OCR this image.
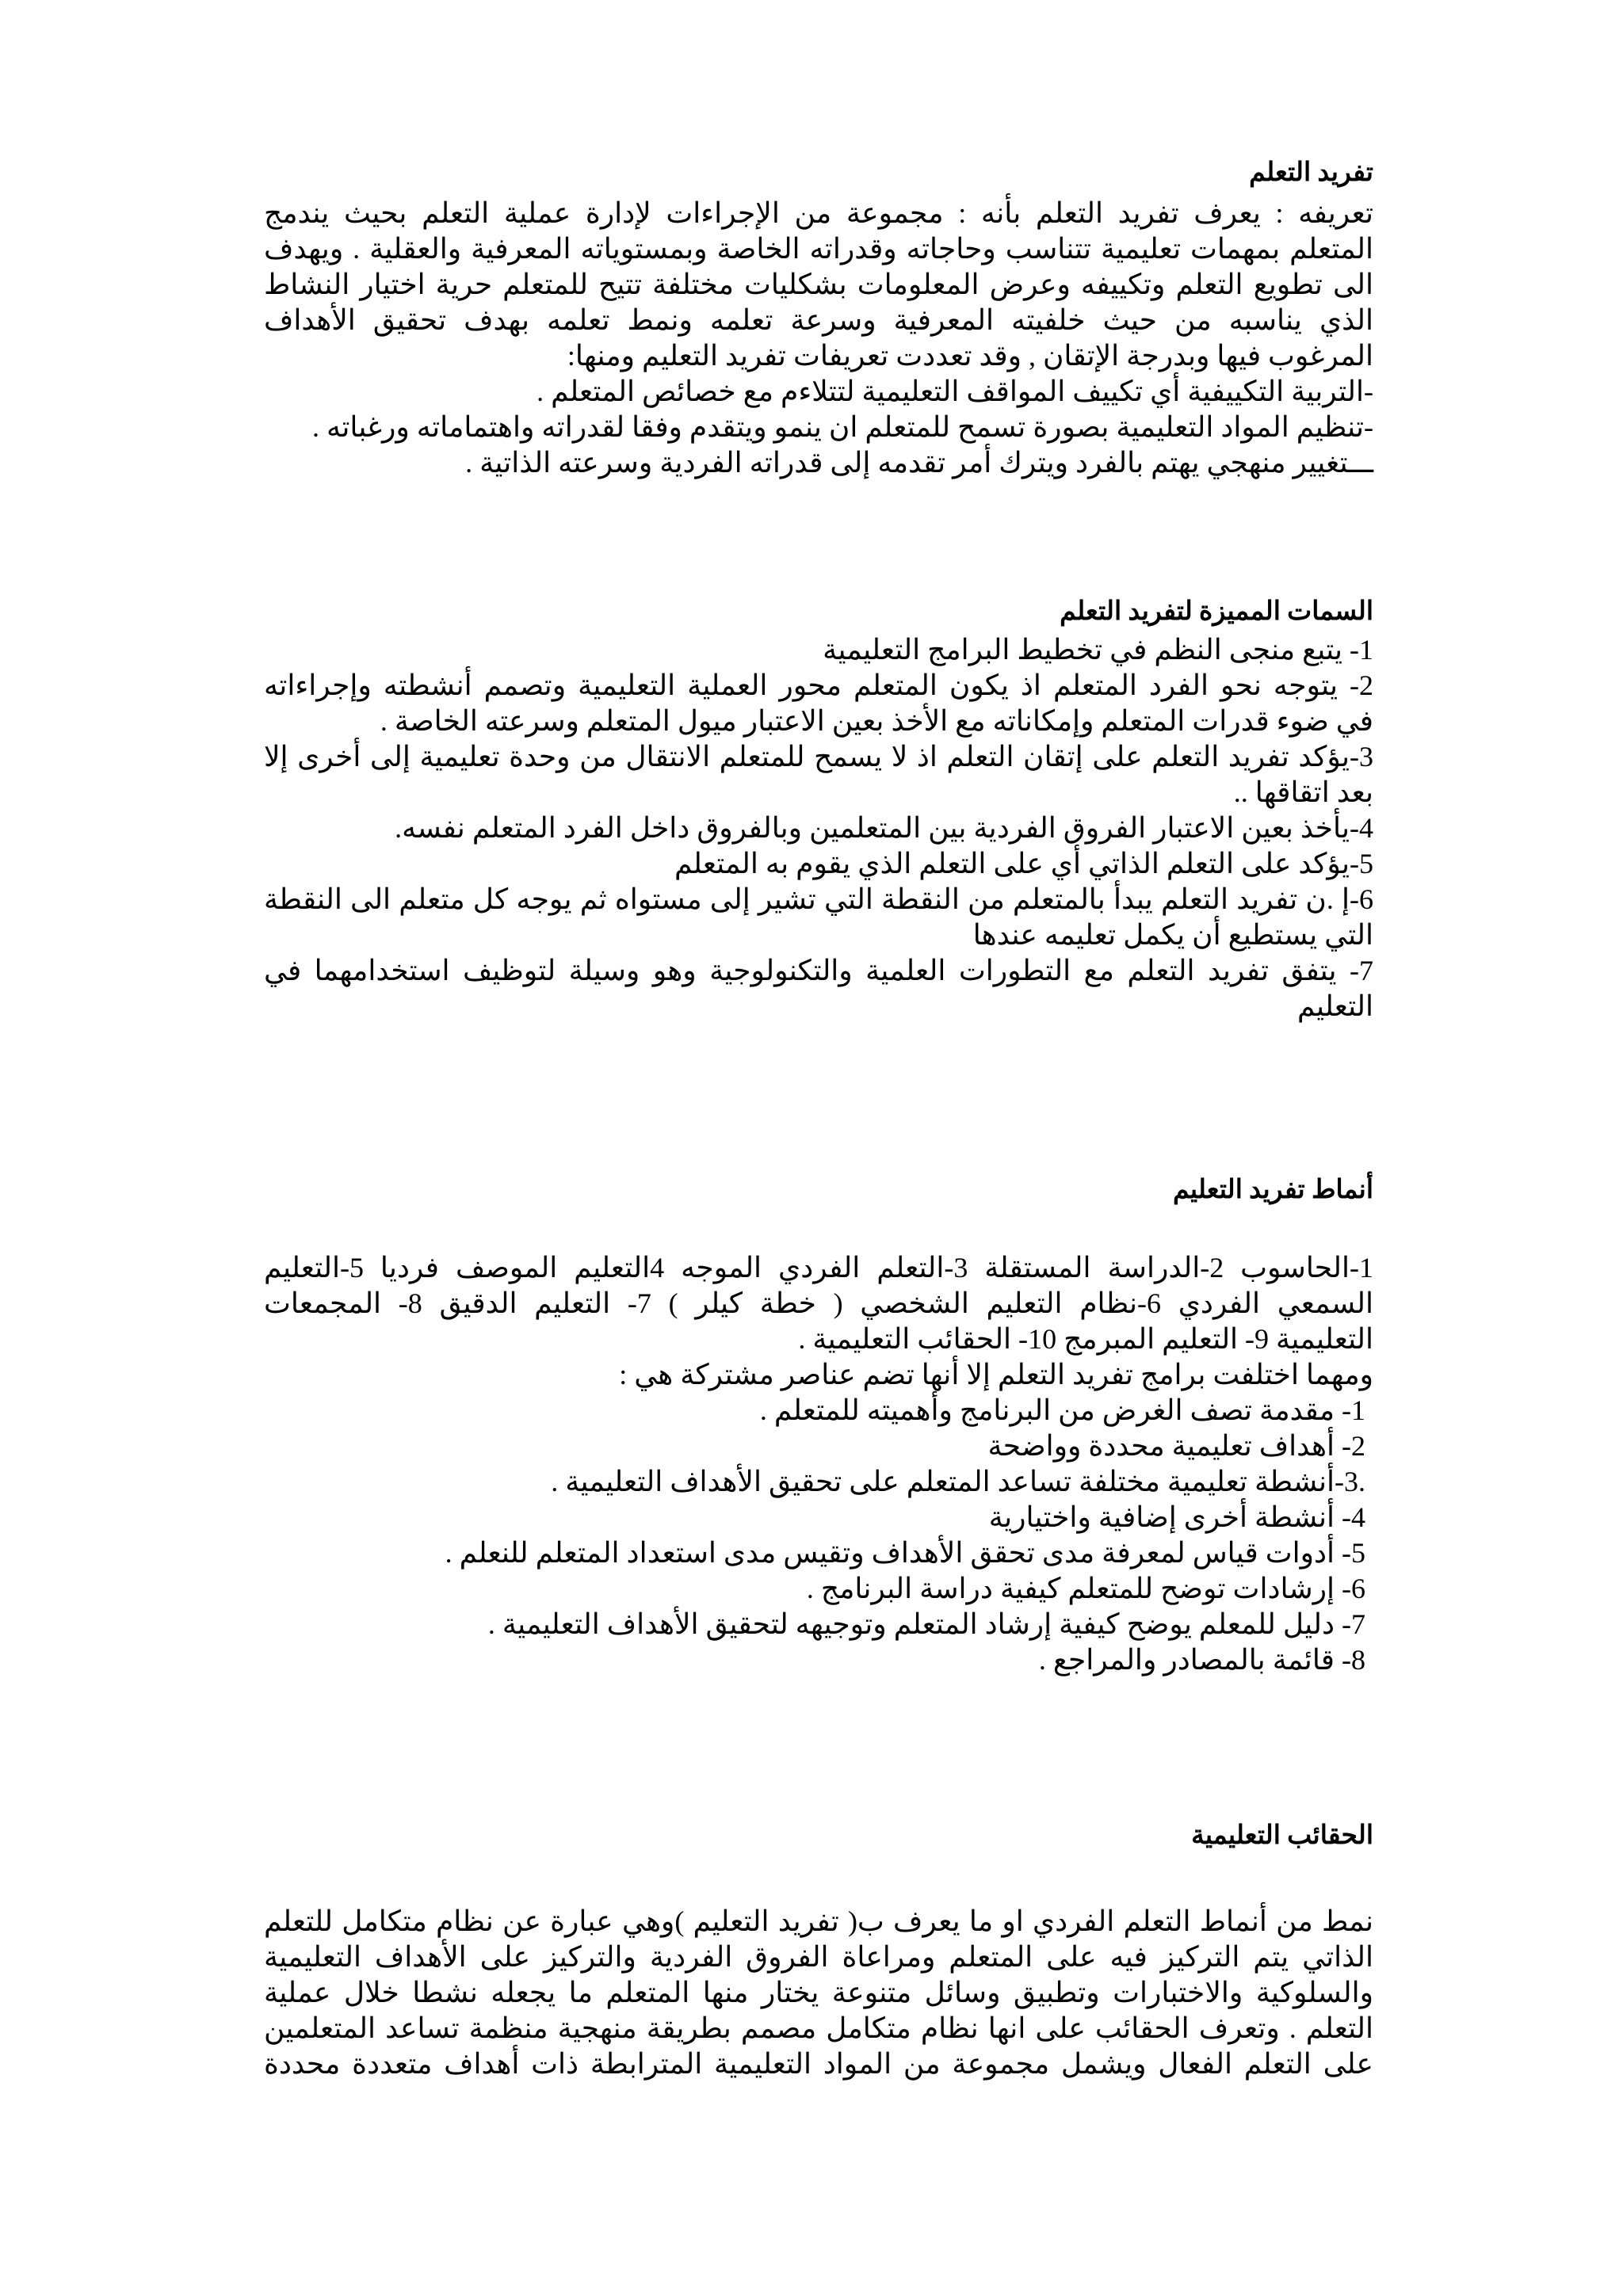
تفريد التعلم
تعريفه : يعرف تفريد التعلم بأنه : مجموعة من الإجراءات لإدارة عملية التعلم بحيث يندمج
المتعلم بمهمات تعليمية تتناسب وحاجاته وقدراته الخاصة وبمستوياته المعرفية والعقلية . ويهدف
الى تطويع التعلم وتكييفه وعرض المعلومات بشكليات مختلفة تتيح للمتعلم حرية اختيار النشاط
الذي يناسبه من حيث خلفيته المعرفية وسرعة تعلمه ونمط تعلمه بهدف تحقيق الأهداف
المرغوب فيها وبدرجة الإتقان , وقد تعددت تعريفات تفريد التعليم ومنها:
-التربية التكييفية أي تكييف المواقف التعليمية لتتلاءم مع خصائص المتعلم .
-تنظيم المواد التعليمية بصورة تسمح للمتعلم ان ينمو ويتقدم وفقا لقدراته واهتماماته ورغباته .
ـــتغيير منهجي يهتم بالفرد ويترك أمر تقدمه إلى قدراته الفردية وسرعته الذاتية .
السمات المميزة لتفريد التعلم
1- يتبع منجى النظم في تخطيط البرامج التعليمية
2- يتوجه نحو الفرد المتعلم اذ يكون المتعلم محور العملية التعليمية وتصمم أنشطته وإجراءاته
في ضوء قدرات المتعلم وإمكاناته مع الأخذ بعين الاعتبار ميول المتعلم وسرعته الخاصة .
3-يؤكد تفريد التعلم على إتقان التعلم اذ لا يسمح للمتعلم الانتقال من وحدة تعليمية إلى أخرى إلا
بعد اتقاقها ..
4-يأخذ بعين الاعتبار الفروق الفردية بين المتعلمين وبالفروق داخل الفرد المتعلم نفسه.
5-يؤكد على التعلم الذاتي أي على التعلم الذي يقوم به المتعلم
6-إ .ن تفريد التعلم يبدأ بالمتعلم من النقطة التي تشير إلى مستواه ثم يوجه كل متعلم الى النقطة
التي يستطيع أن يكمل تعليمه عندها
7- يتفق تفريد التعلم مع التطورات العلمية والتكنولوجية وهو وسيلة لتوظيف استخدامهما في
التعليم
أنماط تفريد التعليم
1-الحاسوب 2-الدراسة المستقلة 3-التعلم الفردي الموجه 4التعليم الموصف فرديا 5-التعليم
السمعي الفردي 6-نظام التعليم الشخصي ( خطة كيلر ) 7- التعليم الدقيق 8- المجمعات
التعليمية 9- التعليم المبرمج 10- الحقائب التعليمية .
ومهما اختلفت برامج تفريد التعلم إلا أنها تضم عناصر مشتركة هي :
1- مقدمة تصف الغرض من البرنامج وأهميته للمتعلم .
2- أهداف تعليمية محددة وواضحة
.3-أنشطة تعليمية مختلفة تساعد المتعلم على تحقيق الأهداف التعليمية .
4- أنشطة أخرى إضافية واختيارية
5- أدوات قياس لمعرفة مدى تحقق الأهداف وتقيس مدى استعداد المتعلم للنعلم .
6- إرشادات توضح للمتعلم كيفية دراسة البرنامج .
7- دليل للمعلم يوضح كيفية إرشاد المتعلم وتوجيهه لتحقيق الأهداف التعليمية .
8- قائمة بالمصادر والمراجع .
الحقائب التعليمية
نمط من أنماط التعلم الفردي او ما يعرف ب( تفريد التعليم )وهي عبارة عن نظام متكامل للتعلم
الذاتي يتم التركيز فيه على المتعلم ومراعاة الفروق الفردية والتركيز على الأهداف التعليمية
والسلوكية والاختبارات وتطبيق وسائل متنوعة يختار منها المتعلم ما يجعله نشطا خلال عملية
التعلم . وتعرف الحقائب على انها نظام متكامل مصمم بطريقة منهجية منظمة تساعد المتعلمين
على التعلم الفعال ويشمل مجموعة من المواد التعليمية المترابطة ذات أهداف متعددة محددة
